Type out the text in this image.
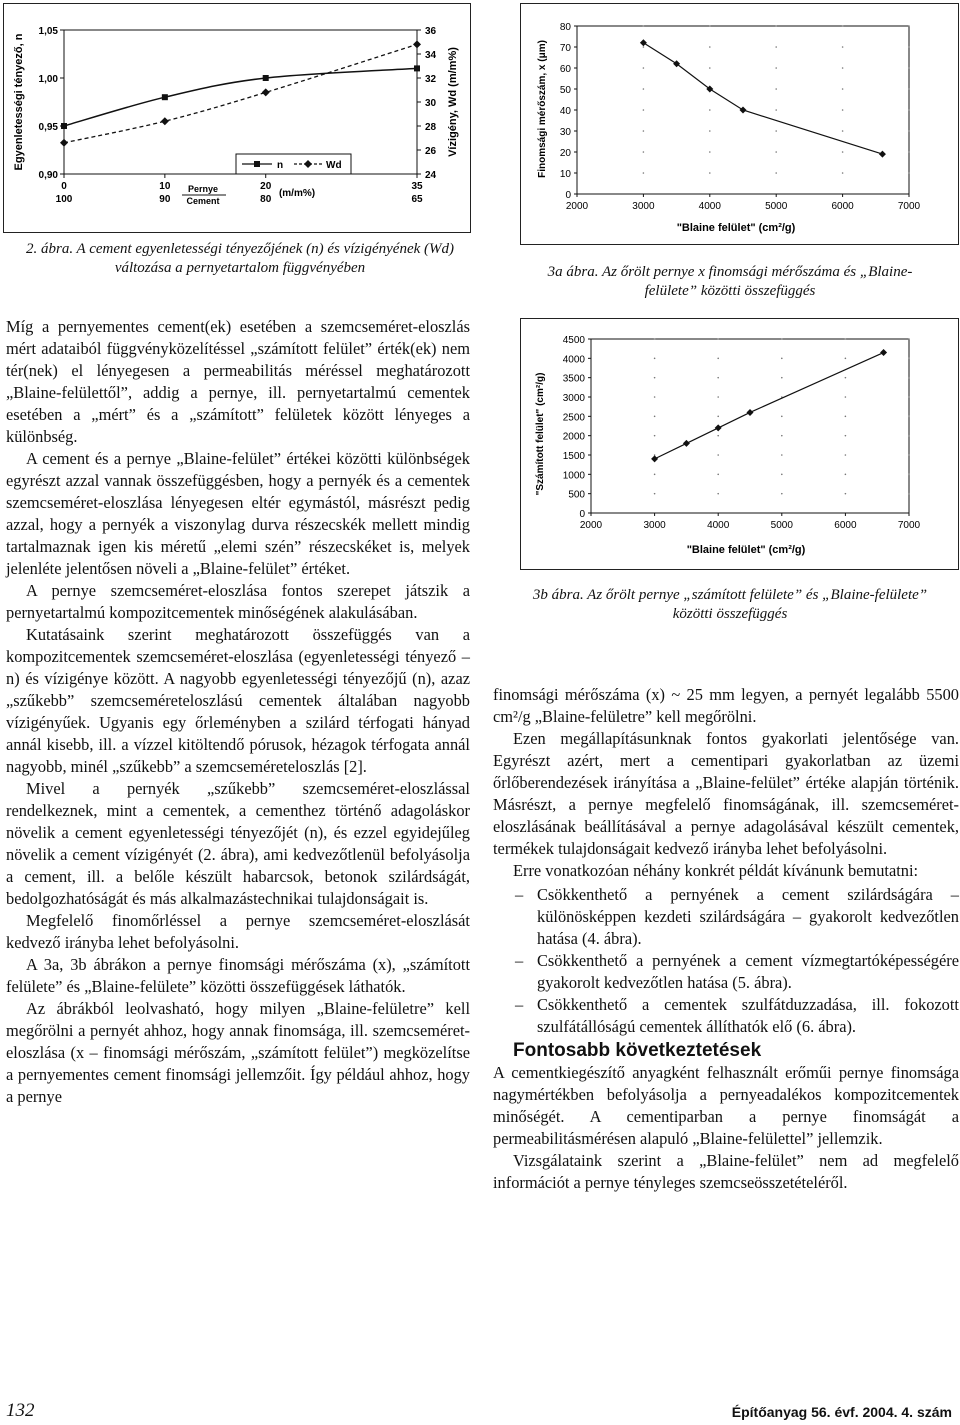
Egyenletességi tényező, n	Vízigény, Wd (m/m%)
Pernye
Cement
(m/m%)
n	Wd
0,90
0,95
1,00
1,05
24
26
28
30
32
34
36
0
100
10
90
20
80
35
65
2. ábra. A cement egyenletességi tényezőjének (n) és vízigényének (Wd) változása a pernyetartalom függvényében
Finomsági mérőszám, x (μm)
"Blaine felület" (cm²/g)
0
10
20
30
40
50
60
70
80
2000	3000	4000	5000	6000	7000
3a ábra. Az őrölt pernye x finomsági mérőszáma és „Blaine-felülete” közötti összefüggés
"Számított felület" (cm²/g)
"Blaine felület" (cm²/g)
0
500
1000
1500
2000
2500
3000
3500
4000
4500
2000	3000	4000	5000	6000	7000
3b ábra. Az őrölt pernye „számított felülete” és „Blaine-felülete” közötti összefüggés

Míg a pernyementes cement(ek) esetében a szemcseméret-eloszlás mért adataiból függvényközelítéssel „számított felület” érték(ek) nem tér(nek) el lényegesen a permeabilitás méréssel meghatározott „Blaine-felülettől”, addig a pernye, ill. pernyetartalmú cementek esetében a „mért” és a „számított” felületek között lényeges a különbség.

A cement és a pernye „Blaine-felület” értékei közötti különbségek egyrészt azzal vannak összefüggésben, hogy a pernyék és a cementek szemcseméret-eloszlása lényegesen eltér egymástól, másrészt pedig azzal, hogy a pernyék a viszonylag durva részecskék mellett mindig tartalmaznak igen kis méretű „elemi szén” részecskéket is, melyek jelenléte jelentősen növeli a „Blaine-felület” értéket.

A pernye szemcseméret-eloszlása fontos szerepet játszik a pernyetartalmú kompozitcementek minőségének alakulásában.

Kutatásaink szerint meghatározott összefüggés van a kompozitcementek szemcseméret-eloszlása (egyenletességi tényező – n) és vízigénye között. A nagyobb egyenletességi tényezőjű (n), azaz „szűkebb” szemcseméreteloszlású cementek általában nagyobb vízigényűek. Ugyanis egy őrleményben a szilárd térfogati hányad annál kisebb, ill. a vízzel kitöltendő pórusok, hézagok térfogata annál nagyobb, minél „szűkebb” a szemcseméreteloszlás [2].

Mivel a pernyék „szűkebb” szemcseméret-eloszlással rendelkeznek, mint a cementek, a cementhez történő adagoláskor növelik a cement egyenletességi tényezőjét (n), és ezzel egyidejűleg növelik a cement vízigényét (2. ábra), ami kedvezőtlenül befolyásolja a cement, ill. a belőle készült habarcsok, betonok szilárdságát, bedolgozhatóságát és más alkalmazástechnikai tulajdonságait is.

Megfelelő finomőrléssel a pernye szemcseméret-eloszlását kedvező irányba lehet befolyásolni.

A 3a, 3b ábrákon a pernye finomsági mérőszáma (x), „számított felülete” és „Blaine-felülete” közötti összefüggések láthatók.

Az ábrákból leolvasható, hogy milyen „Blaine-felületre” kell megőrölni a pernyét ahhoz, hogy annak finomsága, ill. szemcseméret-eloszlása (x – finomsági mérőszám, „számított felület”) megközelítse a pernyementes cement finomsági jellemzőit. Így például ahhoz, hogy a pernye

finomsági mérőszáma (x) ~ 25 mm legyen, a pernyét legalább 5500 cm²/g „Blaine-felületre” kell megőrölni.

Ezen megállapításunknak fontos gyakorlati jelentősége van. Egyrészt azért, mert a cementipari gyakorlatban az üzemi őrlőberendezések irányítása a „Blaine-felület” értéke alapján történik. Másrészt, a pernye megfelelő finomságának, ill. szemcseméret-eloszlásának beállításával a pernye adagolásával készült cementek, termékek tulajdonságait kedvező irányba lehet befolyásolni.

Erre vonatkozóan néhány konkrét példát kívánunk bemutatni:

– Csökkenthető a pernyének a cement szilárdságára – különösképpen kezdeti szilárdságára – gyakorolt kedvezőtlen hatása (4. ábra).
– Csökkenthető a pernyének a cement vízmegtartóképességére gyakorolt kedvezőtlen hatása (5. ábra).
– Csökkenthető a cementek szulfátduzzadása, ill. fokozott szulfátállóságú cementek állíthatók elő (6. ábra).

Fontosabb következtetések

A cementkiegészítő anyagként felhasznált erőműi pernye finomsága nagymértékben befolyásolja a pernyeadalékos kompozitcementek minőségét. A cementiparban a pernye finomságát a permeabilitásmérésen alapuló „Blaine-felülettel” jellemzik.

Vizsgálataink szerint a „Blaine-felület” nem ad megfelelő információt a pernye tényleges szemcseösszetételéről.

132	Építőanyag 56. évf. 2004. 4. szám
